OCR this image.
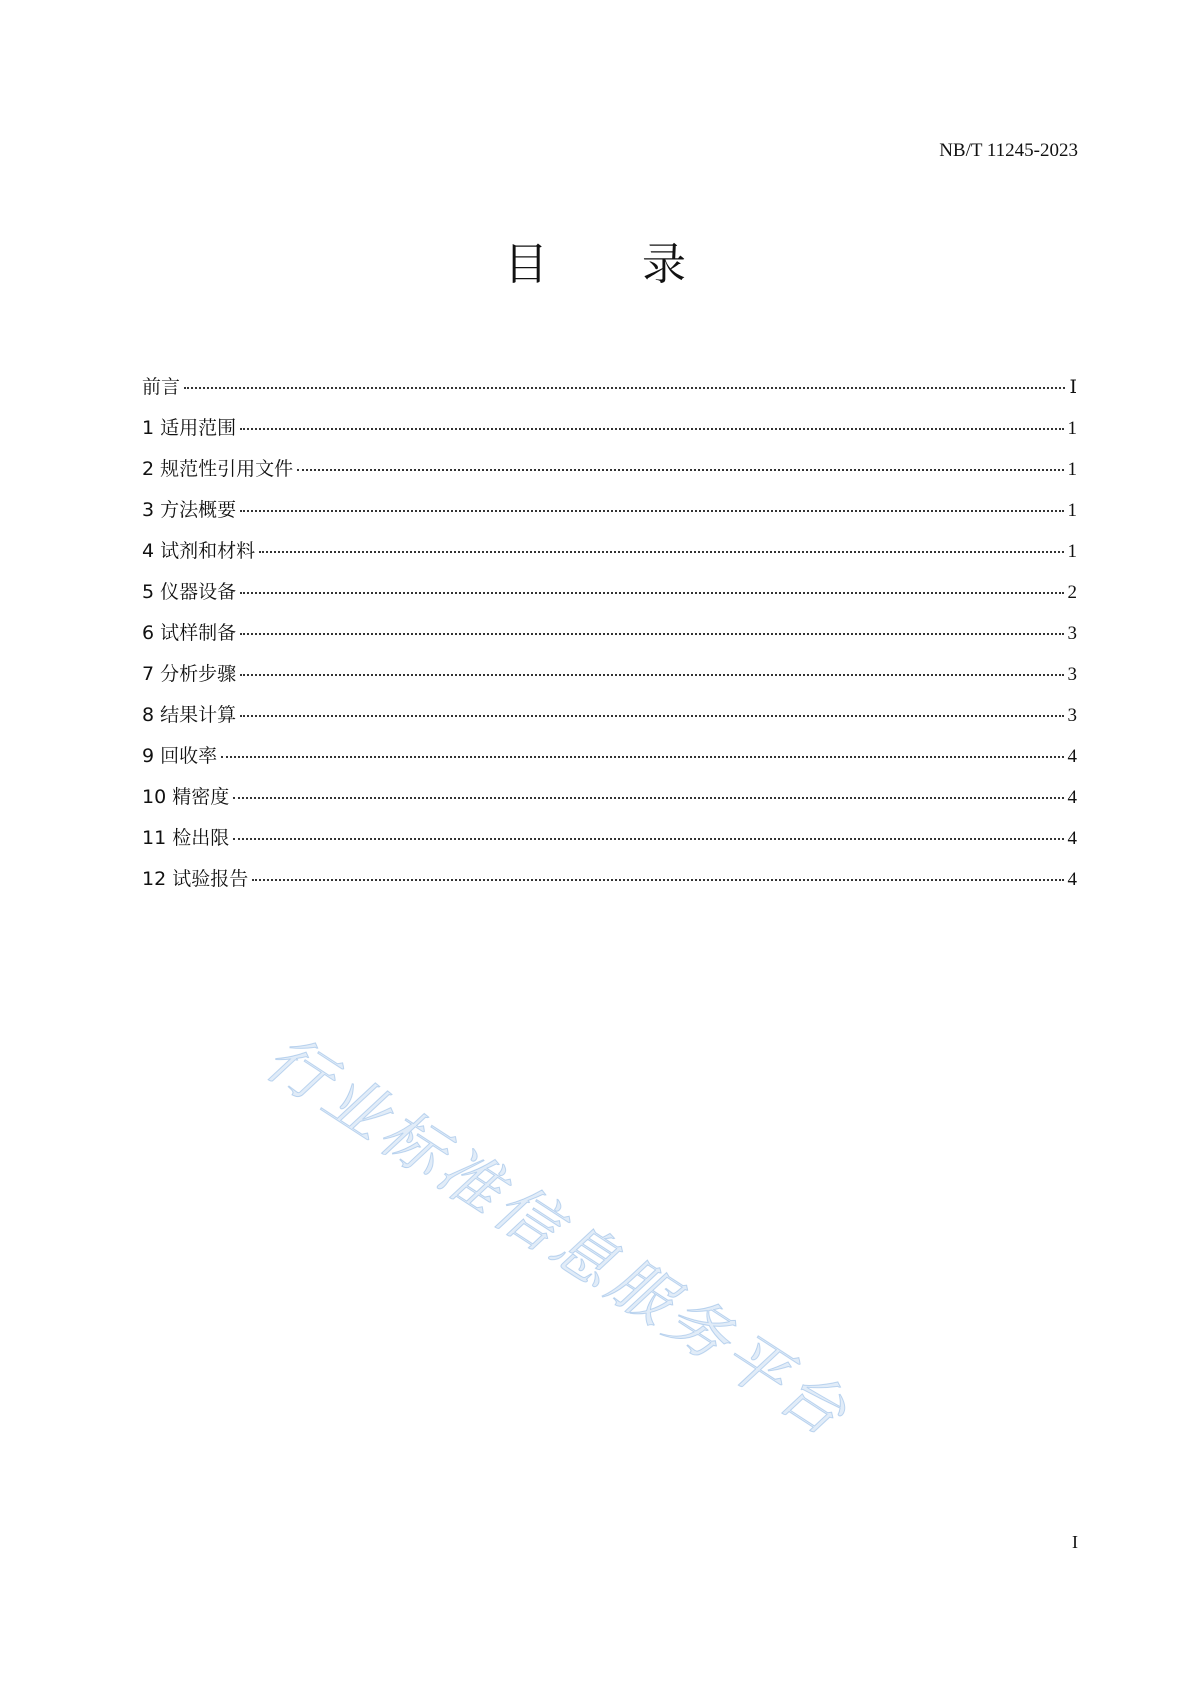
NB/T 11245-2023
目 录
前言	Ⅰ
1 适用范围	1
2 规范性引用文件	1
3 方法概要	1
4 试剂和材料	1
5 仪器设备	2
6 试样制备	3
7 分析步骤	3
8 结果计算	3
9 回收率	4
10 精密度	4
11 检出限	4
12 试验报告	4
行业标准信息服务平台
I
